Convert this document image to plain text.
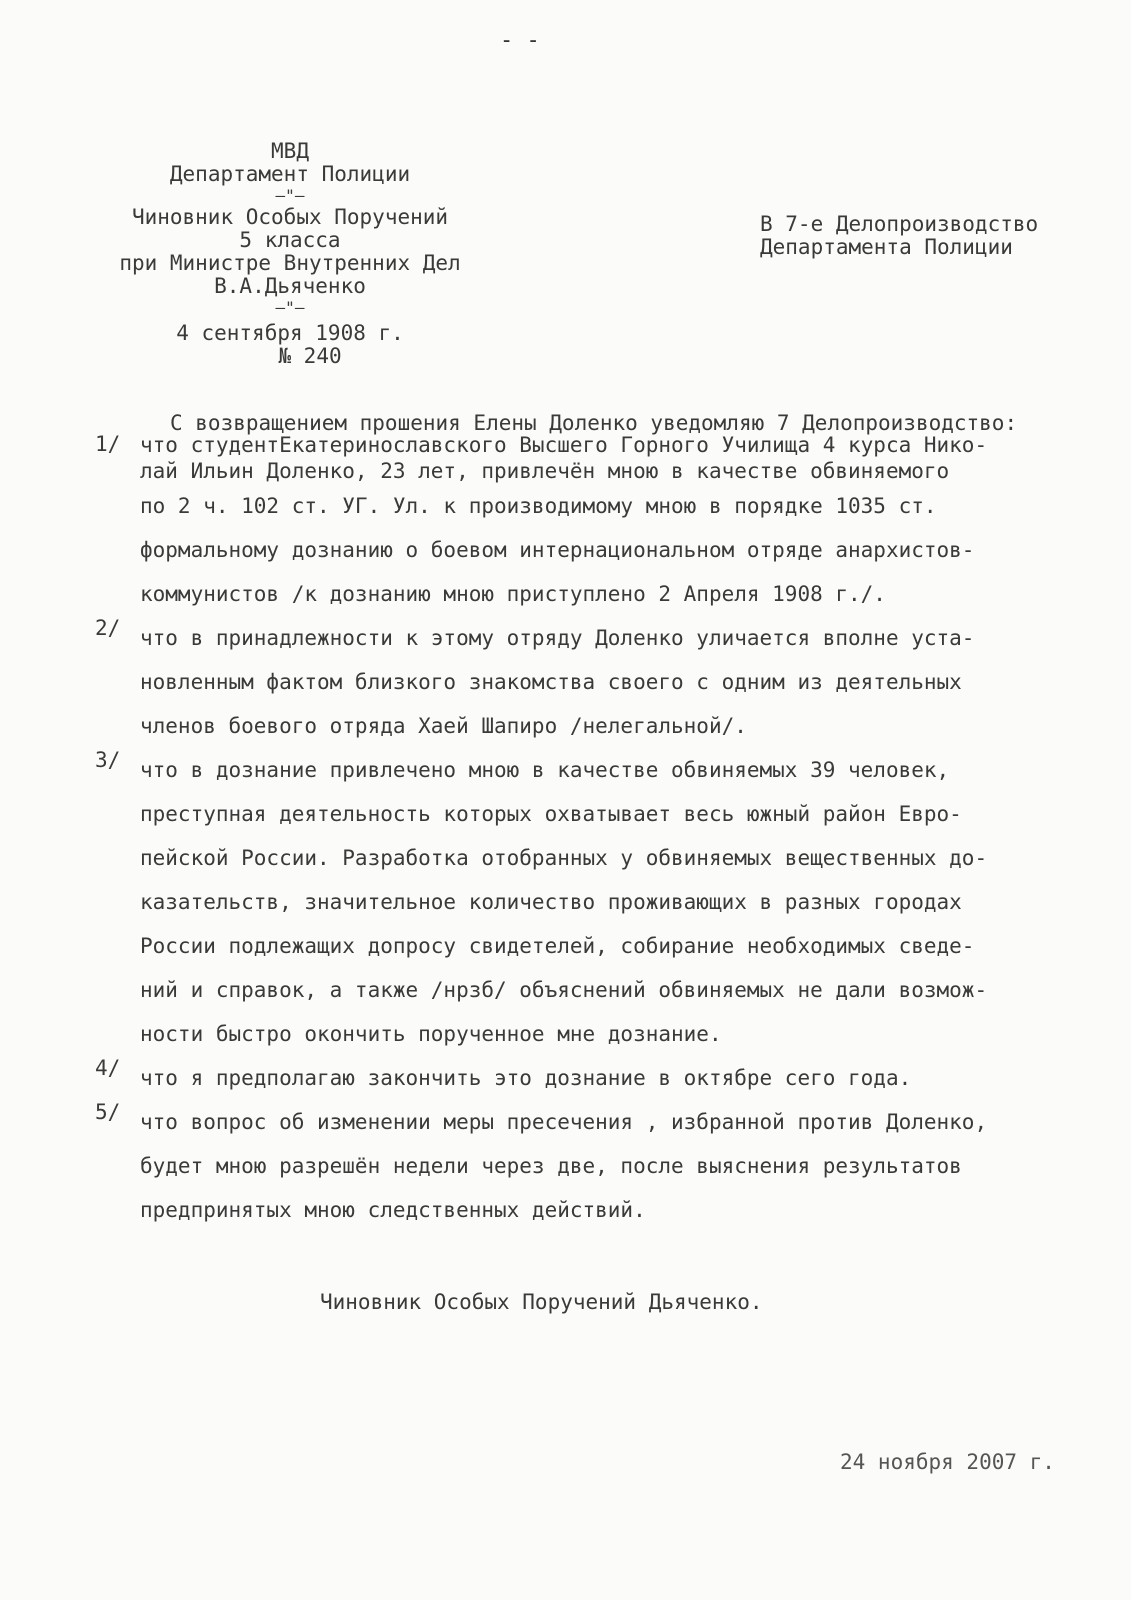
- -
МВД
Департамент Полиции
–"–
Чиновник Особых Поручений
5 класса
при Министре Внутренних Дел
В.А.Дьяченко
–"–
4 сентября 1908 г.
№ 240
В 7-е Делопроизводство
Департамента Полиции
С возвращением прошения Елены Доленко уведомляю 7 Делопроизводство:
1/ что студентЕкатеринославского Высшего Горного Училища 4 курса Нико-
лай Ильин Доленко, 23 лет, привлечён мною в качестве обвиняемого
по 2 ч. 102 ст. УГ. Ул. к производимому мною в порядке 1035 ст.
формальному дознанию о боевом интернациональном отряде анархистов-
коммунистов /к дознанию мною приступлено 2 Апреля 1908 г./.
2/ что в принадлежности к этому отряду Доленко уличается вполне уста-
новленным фактом близкого знакомства своего с одним из деятельных
членов боевого отряда Хаей Шапиро /нелегальной/.
3/ что в дознание привлечено мною в качестве обвиняемых 39 человек,
преступная деятельность которых охватывает весь южный район Евро-
пейской России. Разработка отобранных у обвиняемых вещественных до-
казательств, значительное количество проживающих в разных городах
России подлежащих допросу свидетелей, собирание необходимых сведе-
ний и справок, а также /нрзб/ объяснений обвиняемых не дали возмож-
ности быстро окончить порученное мне дознание.
4/ что я предполагаю закончить это дознание в октябре сего года.
5/ что вопрос об изменении меры пресечения , избранной против Доленко,
будет мною разрешён недели через две, после выяснения результатов
предпринятых мною следственных действий.
Чиновник Особых Поручений Дьяченко.
24 ноября 2007 г.
